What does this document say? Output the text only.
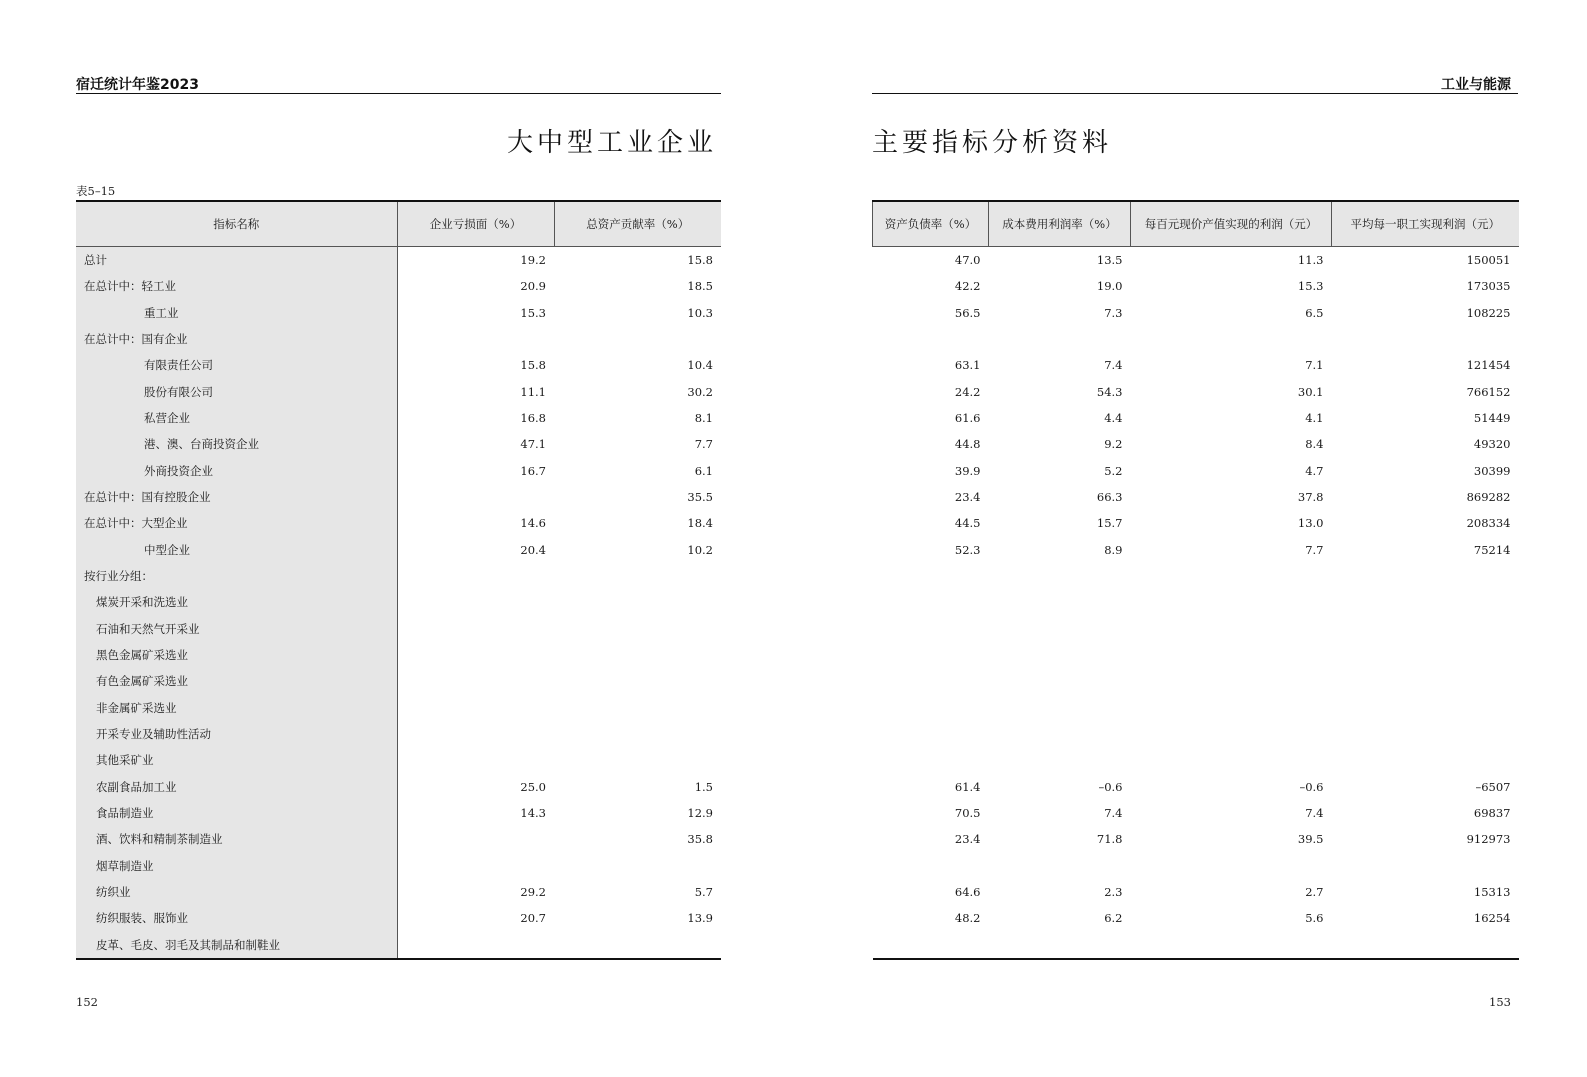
宿迁统计年鉴2023
大中型工业企业
表5–15
指标名称	企业亏损面（%）	总资产贡献率（%）
总计	19.2	15.8
在总计中：轻工业	20.9	18.5
重工业	15.3	10.3
在总计中：国有企业		
有限责任公司	15.8	10.4
股份有限公司	11.1	30.2
私营企业	16.8	8.1
港、澳、台商投资企业	47.1	7.7
外商投资企业	16.7	6.1
在总计中：国有控股企业		35.5
在总计中：大型企业	14.6	18.4
中型企业	20.4	10.2
按行业分组：		
煤炭开采和洗选业		
石油和天然气开采业		
黑色金属矿采选业		
有色金属矿采选业		
非金属矿采选业		
开采专业及辅助性活动		
其他采矿业		
农副食品加工业	25.0	1.5
食品制造业	14.3	12.9
酒、饮料和精制茶制造业		35.8
烟草制造业		
纺织业	29.2	5.7
纺织服装、服饰业	20.7	13.9
皮革、毛皮、羽毛及其制品和制鞋业		
152
工业与能源
主要指标分析资料
资产负债率（%）	成本费用利润率（%）	每百元现价产值实现的利润（元）	平均每一职工实现利润（元）
47.0	13.5	11.3	150051
42.2	19.0	15.3	173035
56.5	7.3	6.5	108225

63.1	7.4	7.1	121454
24.2	54.3	30.1	766152
61.6	4.4	4.1	51449
44.8	9.2	8.4	49320
39.9	5.2	4.7	30399
23.4	66.3	37.8	869282
44.5	15.7	13.0	208334
52.3	8.9	7.7	75214

61.4	–0.6	–0.6	–6507
70.5	7.4	7.4	69837
23.4	71.8	39.5	912973

64.6	2.3	2.7	15313
48.2	6.2	5.6	16254

153
